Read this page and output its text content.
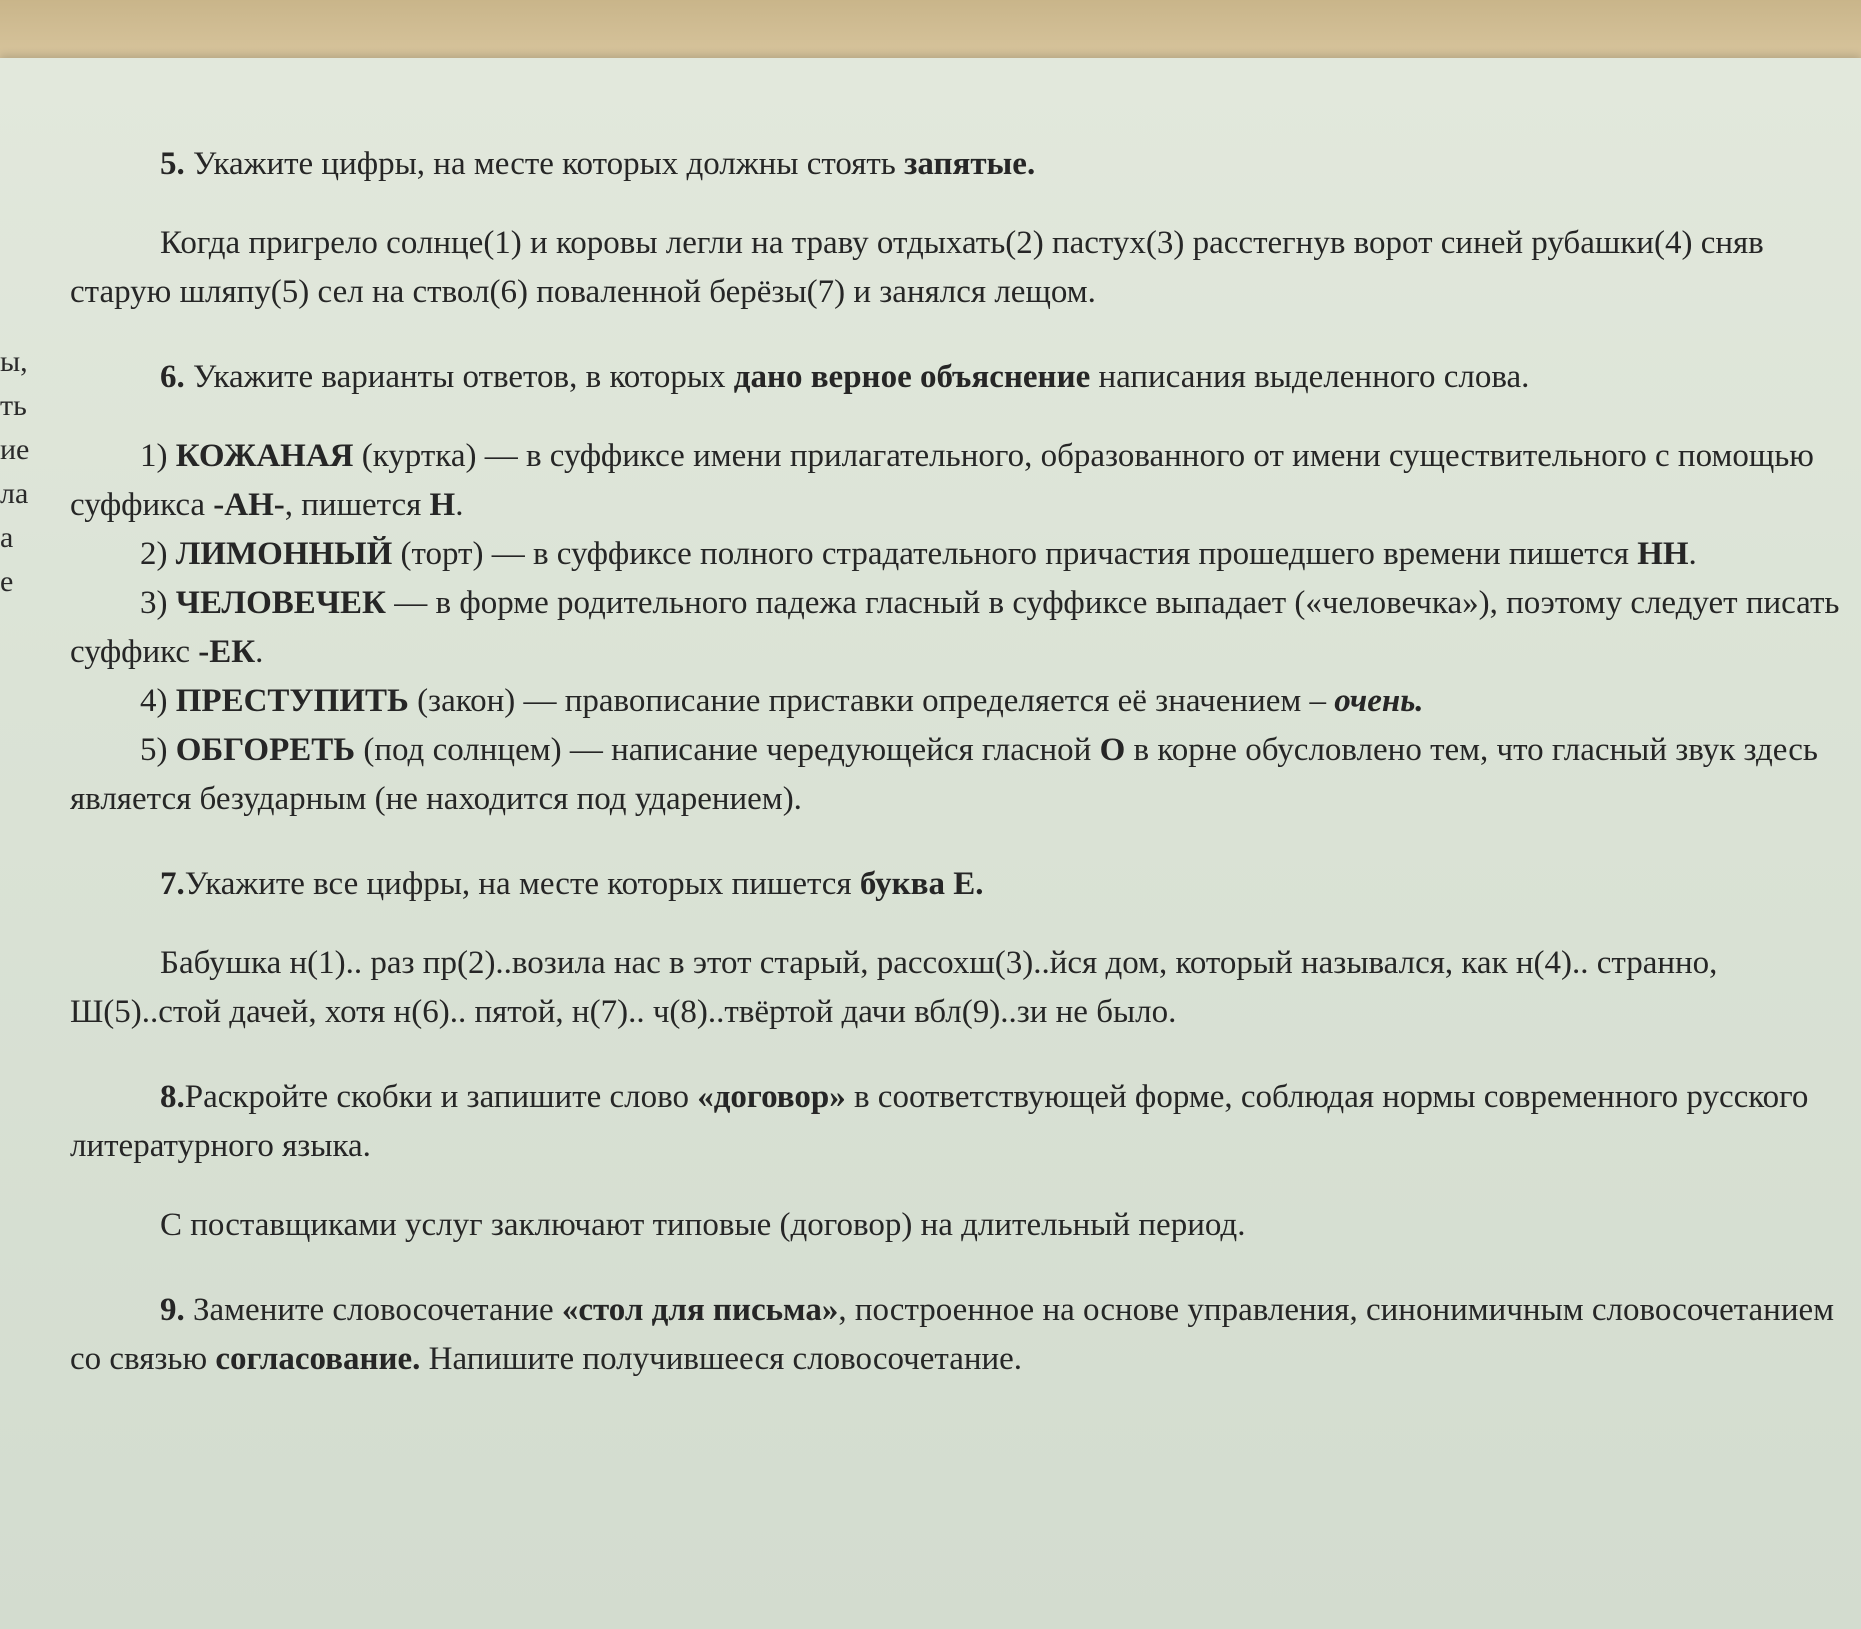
ы,
ть
ие
ла
а
е

5. Укажите цифры, на месте которых должны стоять запятые.

Когда пригрело солнце(1) и коровы легли на траву отдыхать(2) пастух(3) расстегнув ворот синей рубашки(4) сняв старую шляпу(5) сел на ствол(6) поваленной берёзы(7) и занялся лещом.

6. Укажите варианты ответов, в которых дано верное объяснение написания выделенного слова.

1) КОЖАНАЯ (куртка) — в суффиксе имени прилагательного, образованного от имени существительного с помощью суффикса -АН-, пишется Н.

2) ЛИМОННЫЙ (торт) — в суффиксе полного страдательного причастия прошедшего времени пишется НН.

3) ЧЕЛОВЕЧЕК — в форме родительного падежа гласный в суффиксе выпадает («человечка»), поэтому следует писать суффикс -ЕК.

4) ПРЕСТУПИТЬ (закон) — правописание приставки определяется её значением – очень.

5) ОБГОРЕТЬ (под солнцем) — написание чередующейся гласной О в корне обусловлено тем, что гласный звук здесь является безударным (не находится под ударением).

7.Укажите все цифры, на месте которых пишется буква Е.

Бабушка н(1).. раз пр(2)..возила нас в этот старый, рассохш(3)..йся дом, который назывался, как н(4).. странно, Ш(5)..стой дачей, хотя н(6).. пятой, н(7).. ч(8)..твёртой дачи вбл(9)..зи не было.

8.Раскройте скобки и запишите слово «договор» в соответствующей форме, соблюдая нормы современного русского литературного языка.

С поставщиками услуг заключают типовые (договор) на длительный период.

9. Замените словосочетание «стол для письма», построенное на основе управления, синонимичным словосочетанием со связью согласование. Напишите получившееся словосочетание.
